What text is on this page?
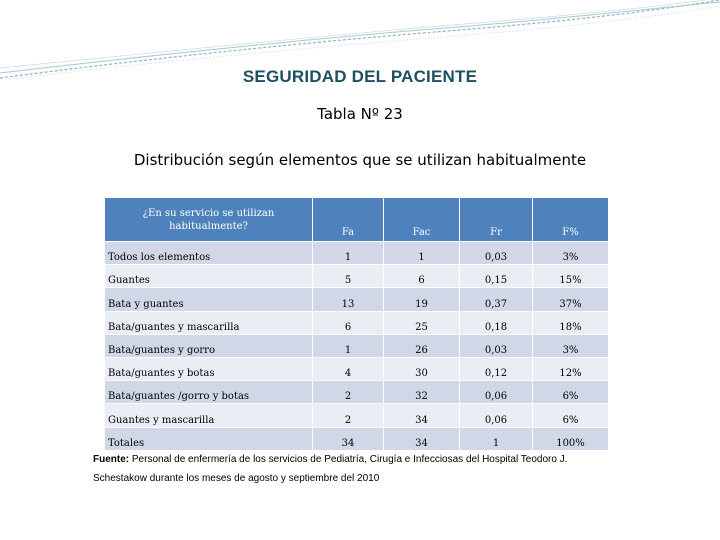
SEGURIDAD DEL PACIENTE
Tabla Nº 23
Distribución según elementos que se utilizan habitualmente
¿En su servicio se utilizan habitualmente?	Fa	Fac	Fr	F%
Todos los elementos	1	1	0,03	3%
Guantes	5	6	0,15	15%
Bata y guantes	13	19	0,37	37%
Bata/guantes y mascarilla	6	25	0,18	18%
Bata/guantes y gorro	1	26	0,03	3%
Bata/guantes y botas	4	30	0,12	12%
Bata/guantes /gorro y botas	2	32	0,06	6%
Guantes y mascarilla	2	34	0,06	6%
Totales	34	34	1	100%
Fuente: Personal de enfermería de los servicios de Pediatría, Cirugía e Infecciosas del Hospital Teodoro J. Schestakow durante los meses de agosto y septiembre del 2010
